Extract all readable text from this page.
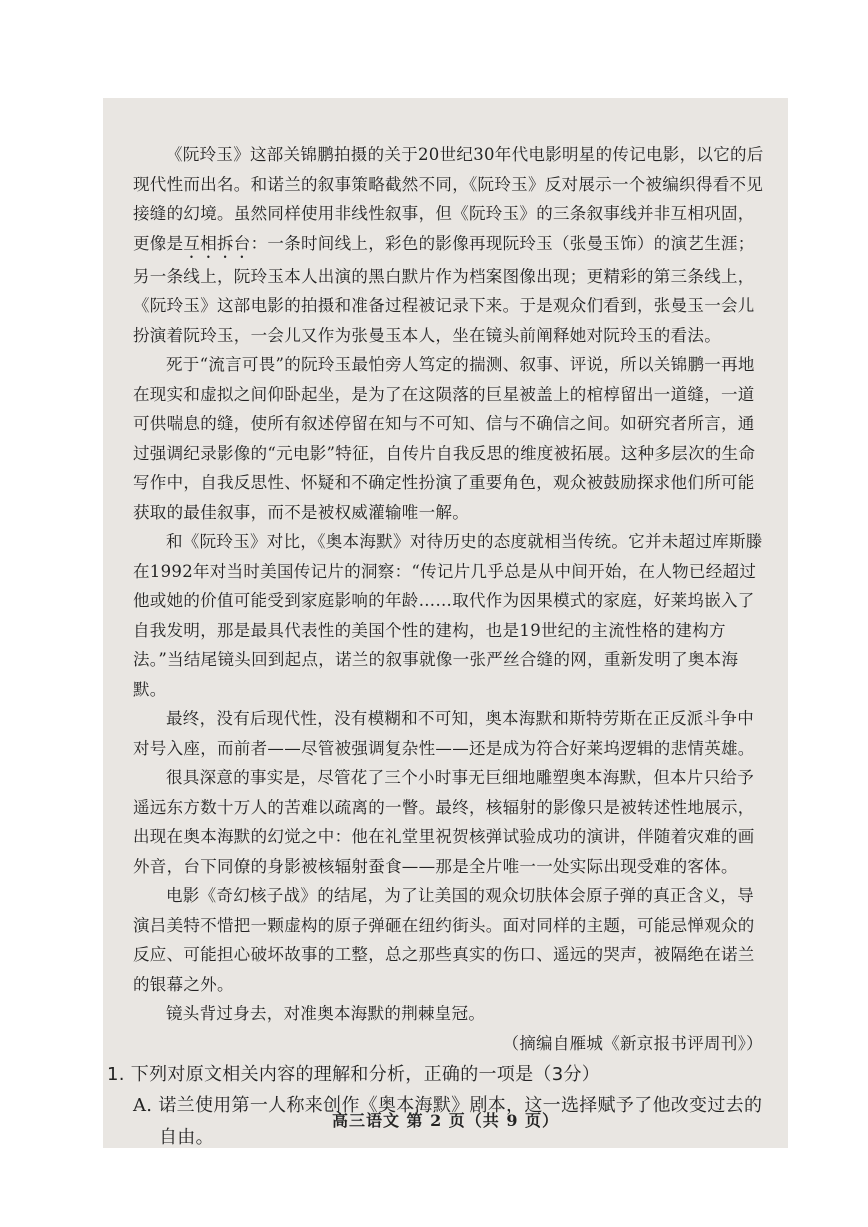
《阮玲玉》这部关锦鹏拍摄的关于20世纪30年代电影明星的传记电影，以它的后现代性而出名。和诺兰的叙事策略截然不同，《阮玲玉》反对展示一个被编织得看不见接缝的幻境。虽然同样使用非线性叙事，但《阮玲玉》的三条叙事线并非互相巩固，更像是互相拆台：一条时间线上，彩色的影像再现阮玲玉（张曼玉饰）的演艺生涯；另一条线上，阮玲玉本人出演的黑白默片作为档案图像出现；更精彩的第三条线上，《阮玲玉》这部电影的拍摄和准备过程被记录下来。于是观众们看到，张曼玉一会儿扮演着阮玲玉，一会儿又作为张曼玉本人，坐在镜头前阐释她对阮玲玉的看法。

死于“流言可畏”的阮玲玉最怕旁人笃定的揣测、叙事、评说，所以关锦鹏一再地在现实和虚拟之间仰卧起坐，是为了在这陨落的巨星被盖上的棺椁留出一道缝，一道可供喘息的缝，使所有叙述停留在知与不可知、信与不确信之间。如研究者所言，通过强调纪录影像的“元电影”特征，自传片自我反思的维度被拓展。这种多层次的生命写作中，自我反思性、怀疑和不确定性扮演了重要角色，观众被鼓励探求他们所可能获取的最佳叙事，而不是被权威灌输唯一解。

和《阮玲玉》对比，《奥本海默》对待历史的态度就相当传统。它并未超过库斯滕在1992年对当时美国传记片的洞察：“传记片几乎总是从中间开始，在人物已经超过他或她的价值可能受到家庭影响的年龄……取代作为因果模式的家庭，好莱坞嵌入了自我发明，那是最具代表性的美国个性的建构，也是19世纪的主流性格的建构方法。”当结尾镜头回到起点，诺兰的叙事就像一张严丝合缝的网，重新发明了奥本海默。

最终，没有后现代性，没有模糊和不可知，奥本海默和斯特劳斯在正反派斗争中对号入座，而前者——尽管被强调复杂性——还是成为符合好莱坞逻辑的悲情英雄。

很具深意的事实是，尽管花了三个小时事无巨细地雕塑奥本海默，但本片只给予遥远东方数十万人的苦难以疏离的一瞥。最终，核辐射的影像只是被转述性地展示，出现在奥本海默的幻觉之中：他在礼堂里祝贺核弹试验成功的演讲，伴随着灾难的画外音，台下同僚的身影被核辐射蚕食——那是全片唯一一处实际出现受难的客体。

电影《奇幻核子战》的结尾，为了让美国的观众切肤体会原子弹的真正含义，导演吕美特不惜把一颗虚构的原子弹砸在纽约街头。面对同样的主题，可能忌惮观众的反应、可能担心破坏故事的工整，总之那些真实的伤口、遥远的哭声，被隔绝在诺兰的银幕之外。

镜头背过身去，对准奥本海默的荆棘皇冠。

（摘编自雁城《新京报书评周刊》）

1. 下列对原文相关内容的理解和分析，正确的一项是（3分）

A. 诺兰使用第一人称来创作《奥本海默》剧本，这一选择赋予了他改变过去的自由。

高三语文 第 2 页（共 9 页）
